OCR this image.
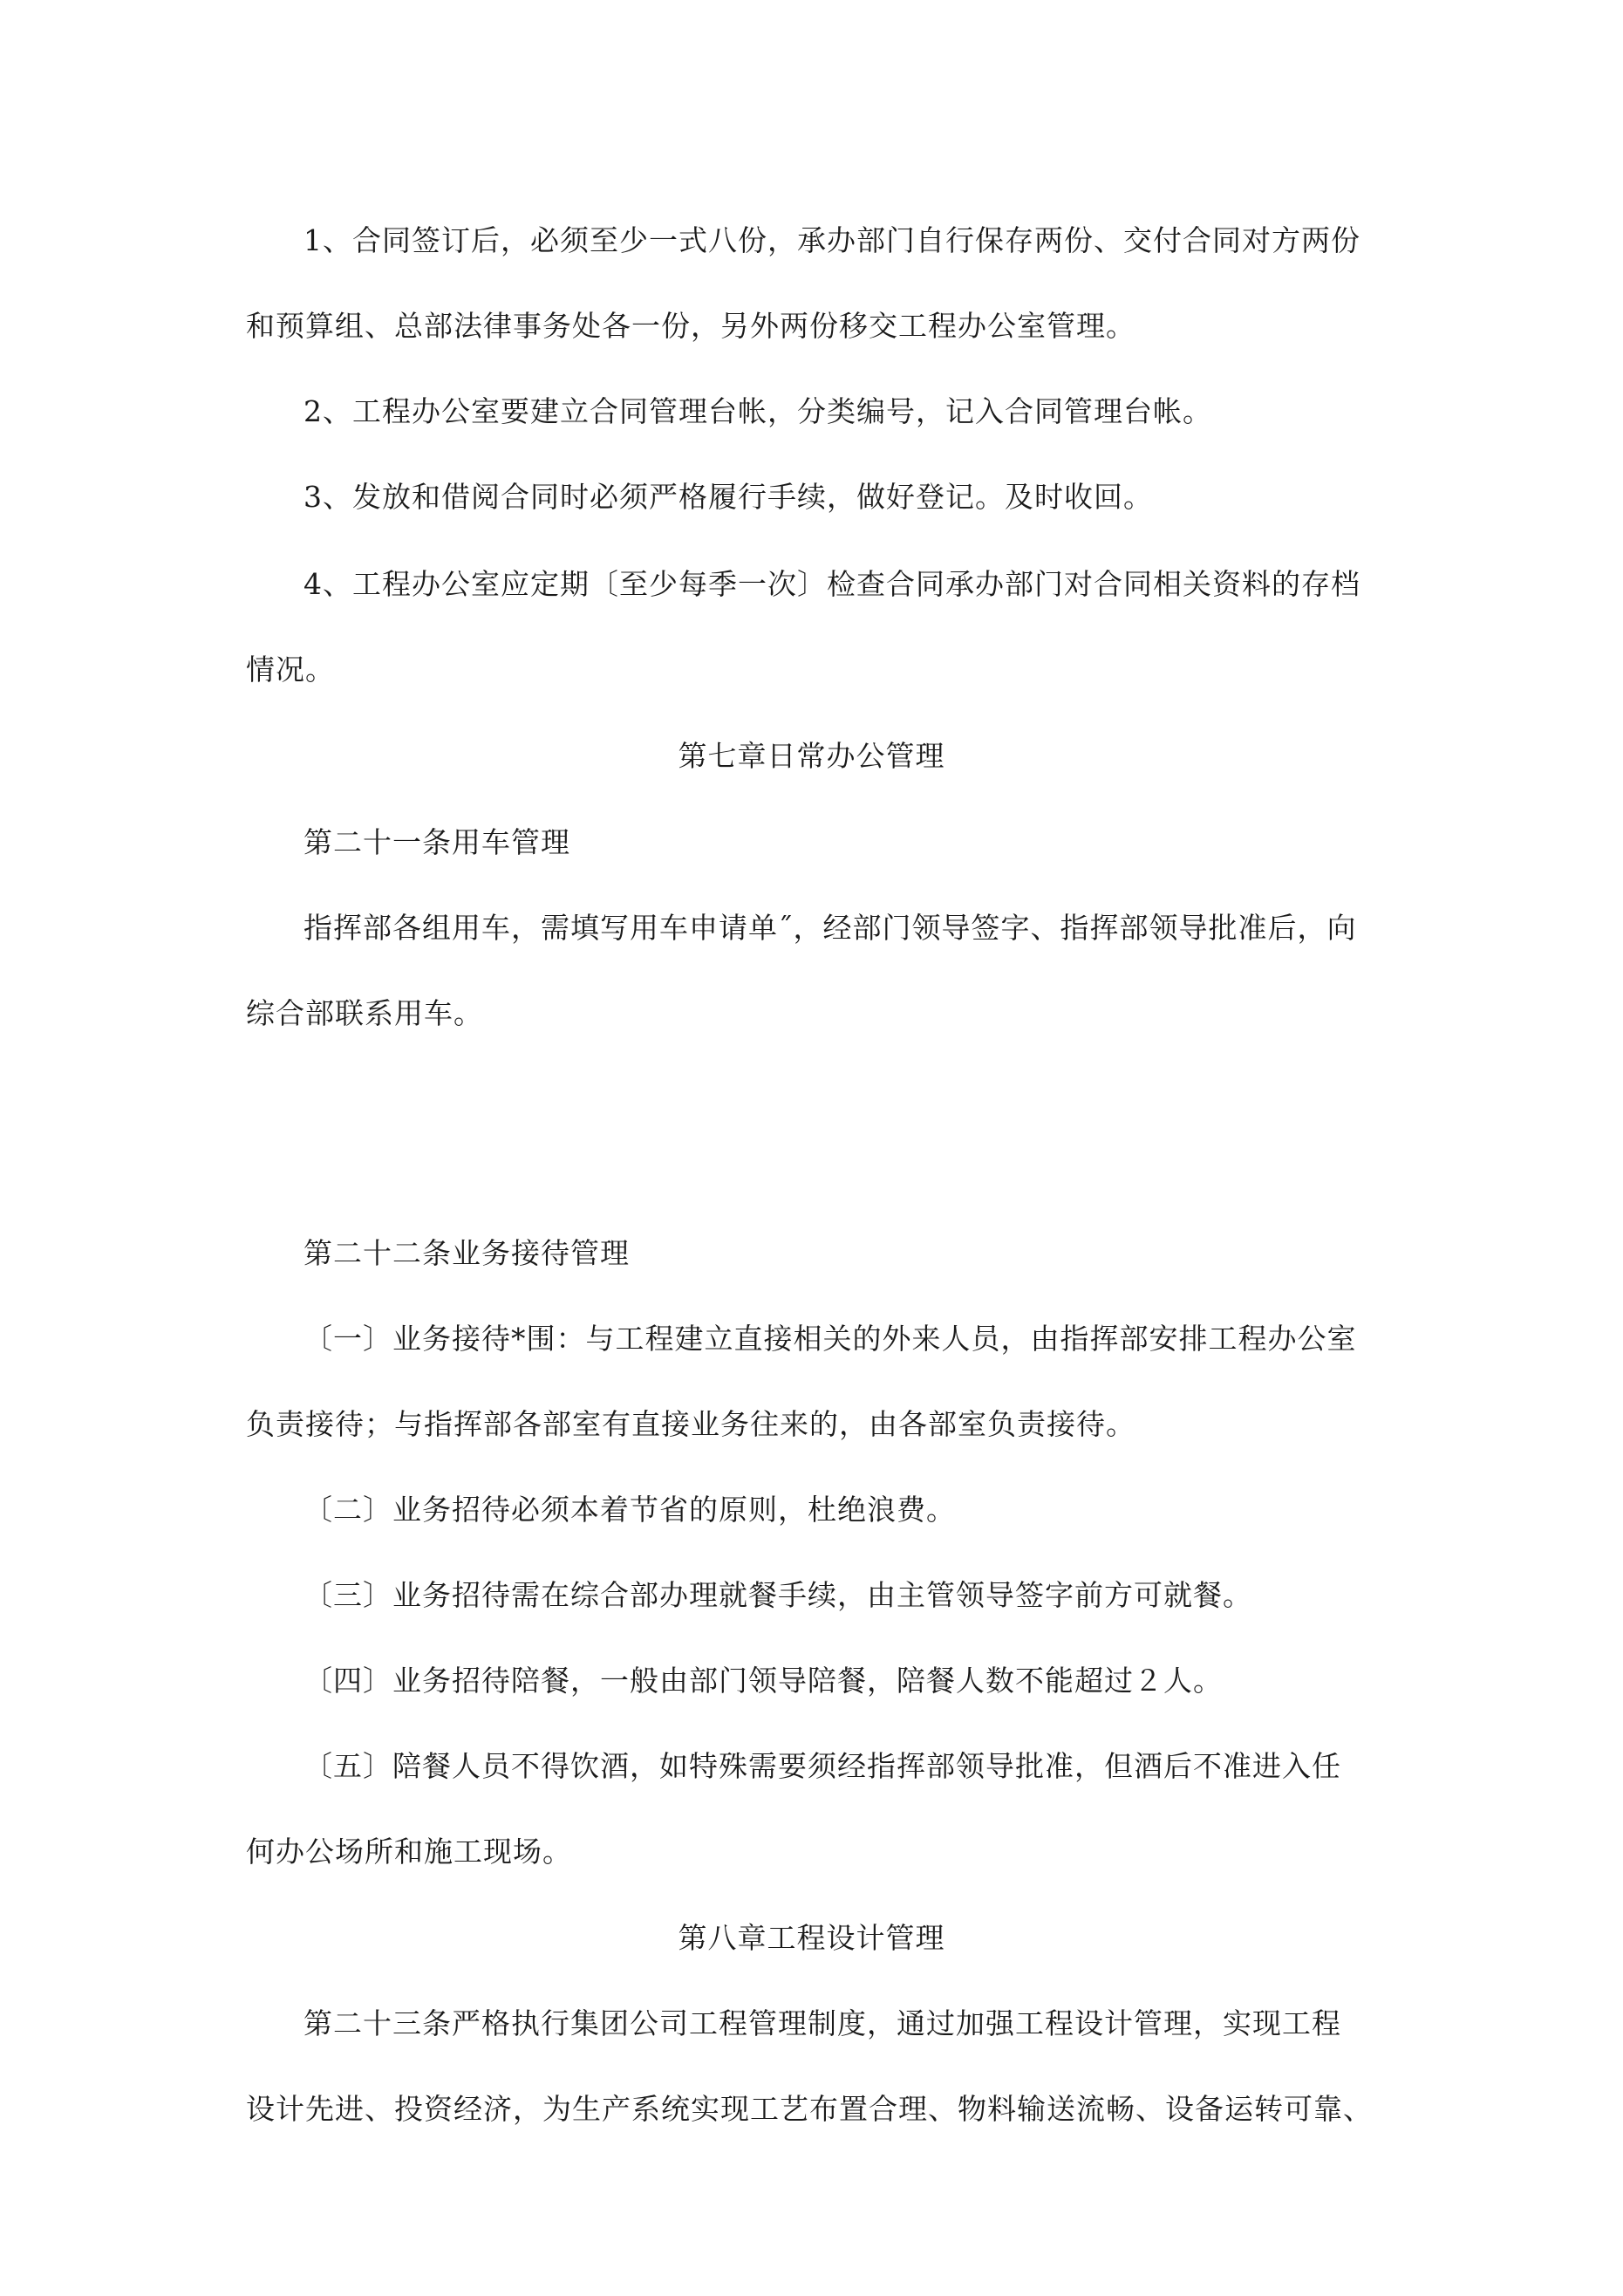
1、合同签订后，必须至少一式八份，承办部门自行保存两份、交付合同对方两份

和预算组、总部法律事务处各一份，另外两份移交工程办公室管理。

2、工程办公室要建立合同管理台帐，分类编号，记入合同管理台帐。

3、发放和借阅合同时必须严格履行手续，做好登记。及时收回。

4、工程办公室应定期〔至少每季一次〕检查合同承办部门对合同相关资料的存档

情况。

第七章日常办公管理

第二十一条用车管理

指挥部各组用车，需填写用车申请单˝，经部门领导签字、指挥部领导批准后，向

综合部联系用车。

第二十二条业务接待管理

〔一〕业务接待*围：与工程建立直接相关的外来人员，由指挥部安排工程办公室

负责接待；与指挥部各部室有直接业务往来的，由各部室负责接待。

〔二〕业务招待必须本着节省的原则，杜绝浪费。

〔三〕业务招待需在综合部办理就餐手续，由主管领导签字前方可就餐。

〔四〕业务招待陪餐，一般由部门领导陪餐，陪餐人数不能超过２人。

〔五〕陪餐人员不得饮酒，如特殊需要须经指挥部领导批准，但酒后不准进入任

何办公场所和施工现场。

第八章工程设计管理

第二十三条严格执行集团公司工程管理制度，通过加强工程设计管理，实现工程

设计先进、投资经济，为生产系统实现工艺布置合理、物料输送流畅、设备运转可靠、
